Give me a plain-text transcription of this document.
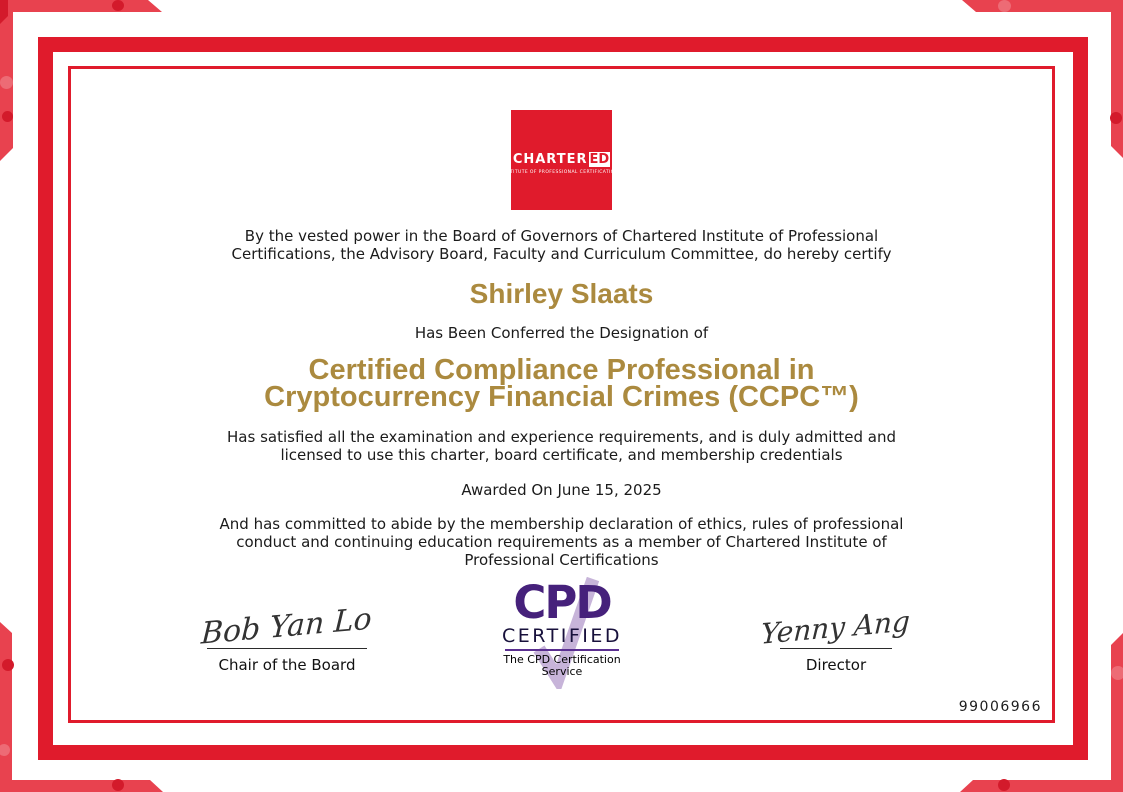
CHARTER ED
INSTITUTE OF PROFESSIONAL CERTIFICATIONS
By the vested power in the Board of Governors of Chartered Institute of Professional
Certifications, the Advisory Board, Faculty and Curriculum Committee, do hereby certify
Shirley Slaats
Has Been Conferred the Designation of
Certified Compliance Professional in
Cryptocurrency Financial Crimes (CCPC™)
Has satisfied all the examination and experience requirements, and is duly admitted and
licensed to use this charter, board certificate, and membership credentials
Awarded On June 15, 2025
And has committed to abide by the membership declaration of ethics, rules of professional
conduct and continuing education requirements as a member of Chartered Institute of
Professional Certifications
Bob Yan Lo
Chair of the Board
CPD
CERTIFIED
The CPD Certification
Service
Yenny Ang
Director
99006966
